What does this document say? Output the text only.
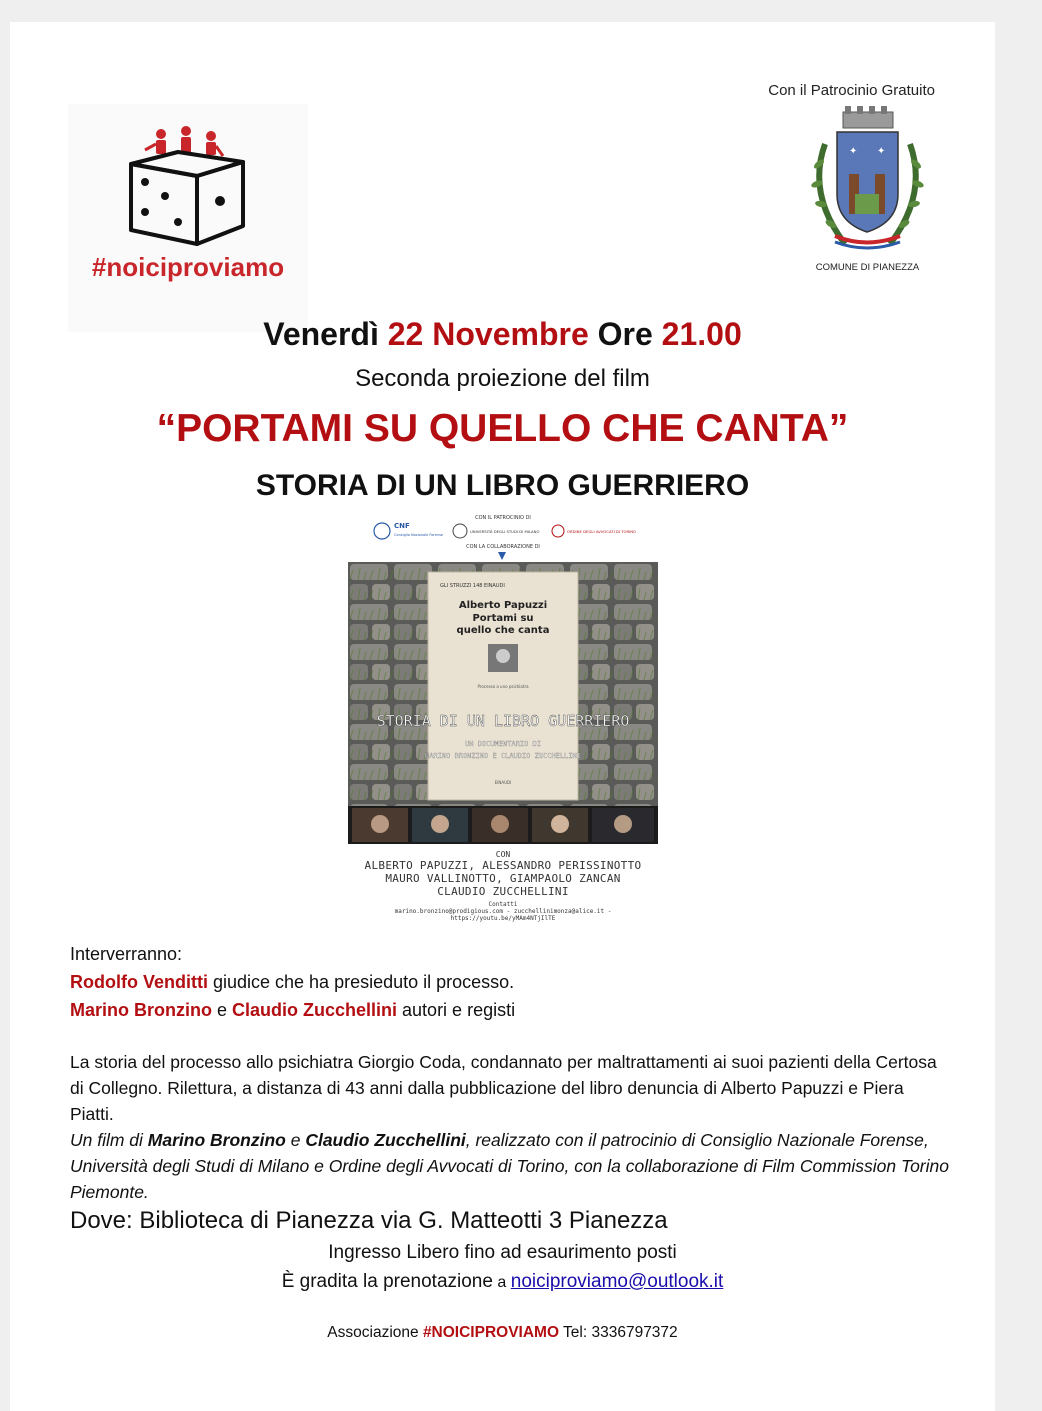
#noiciproviamo
Con il Patrocinio Gratuito
✦ ✦
COMUNE DI PIANEZZA
Venerdì 22 Novembre Ore 21.00
Seconda proiezione del film
“PORTAMI SU QUELLO CHE CANTA”
STORIA DI UN LIBRO GUERRIERO
CON IL PATROCINIO DI
CNF
Consiglio Nazionale Forense
UNIVERSITÀ DEGLI STUDI DI MILANO	ORDINE DEGLI AVVOCATI DI TORINO
CON LA COLLABORAZIONE DI
GLI STRUZZI 148 EINAUDI
Alberto Papuzzi
Portami su
quello che canta
Processo a uno psichiatra
STORIA DI UN LIBRO GUERRIERO
UN DOCUMENTARIO DI
MARINO BRONZINO E CLAUDIO ZUCCHELLINI
EINAUDI
CON
ALBERTO PAPUZZI, ALESSANDRO PERISSINOTTO
MAURO VALLINOTTO, GIAMPAOLO ZANCAN
CLAUDIO ZUCCHELLINI
Contatti
marino.bronzino@prodigious.com - zucchellinimonza@alice.it - https://youtu.be/yMAm4NTjIlTE
Interverranno:
Rodolfo Venditti giudice che ha presieduto il processo.
Marino Bronzino e Claudio Zucchellini autori e registi
La storia del processo allo psichiatra Giorgio Coda, condannato per maltrattamenti ai suoi pazienti della Certosa di Collegno. Rilettura, a distanza di 43 anni dalla pubblicazione del libro denuncia di Alberto Papuzzi e Piera Piatti.
Un film di Marino Bronzino e Claudio Zucchellini, realizzato con il patrocinio di Consiglio Nazionale Forense, Università degli Studi di Milano e Ordine degli Avvocati di Torino, con la collaborazione di Film Commission Torino Piemonte.
Dove: Biblioteca di Pianezza via G. Matteotti 3 Pianezza
Ingresso Libero fino ad esaurimento posti
È gradita la prenotazione a noiciproviamo@outlook.it
Associazione #NOICIPROVIAMO Tel: 3336797372
